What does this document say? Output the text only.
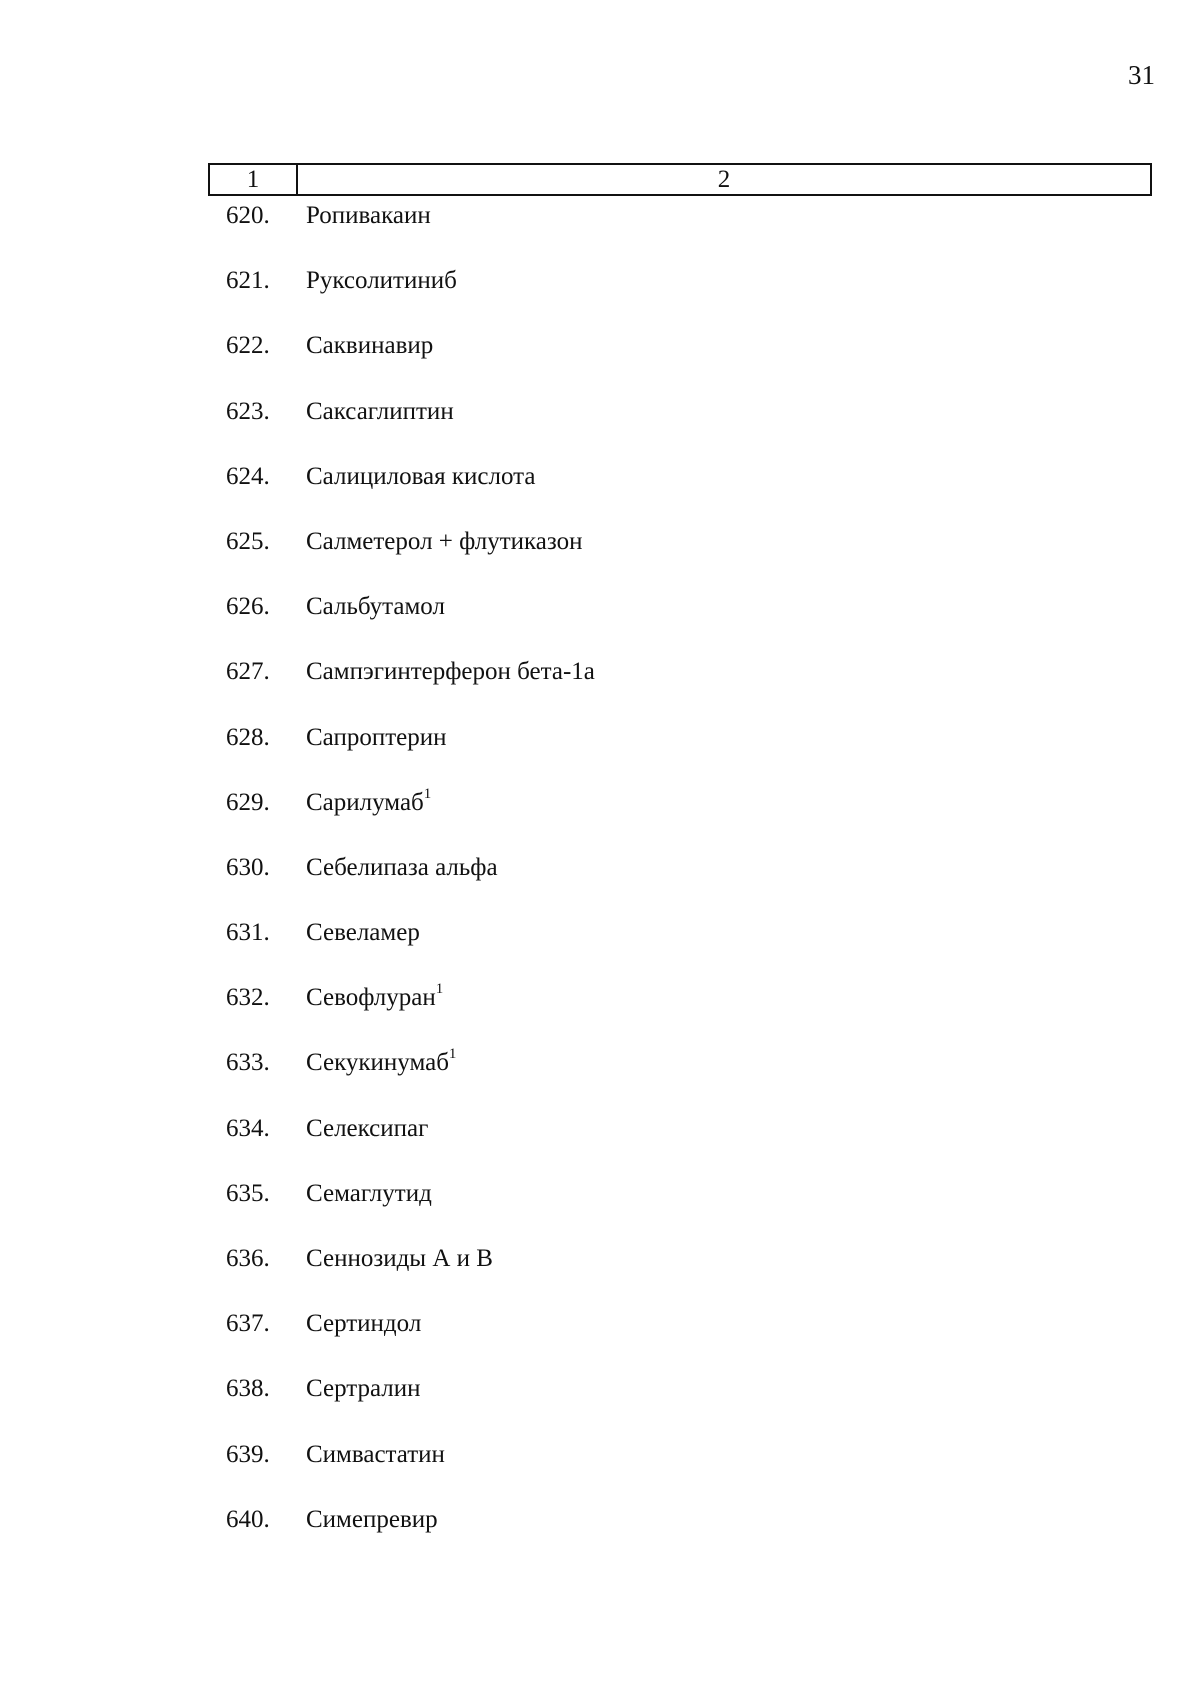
31
1	2
620. Ропивакаин
621. Руксолитиниб
622. Саквинавир
623. Саксаглиптин
624. Салициловая кислота
625. Салметерол + флутиказон
626. Сальбутамол
627. Сампэгинтерферон бета-1а
628. Сапроптерин
629. Сарилумаб$^1$
630. Себелипаза альфа
631. Севеламер
632. Севофлуран$^1$
633. Секукинумаб$^1$
634. Селексипаг
635. Семаглутид
636. Сеннозиды А и В
637. Сертиндол
638. Сертралин
639. Симвастатин
640. Симепревир
